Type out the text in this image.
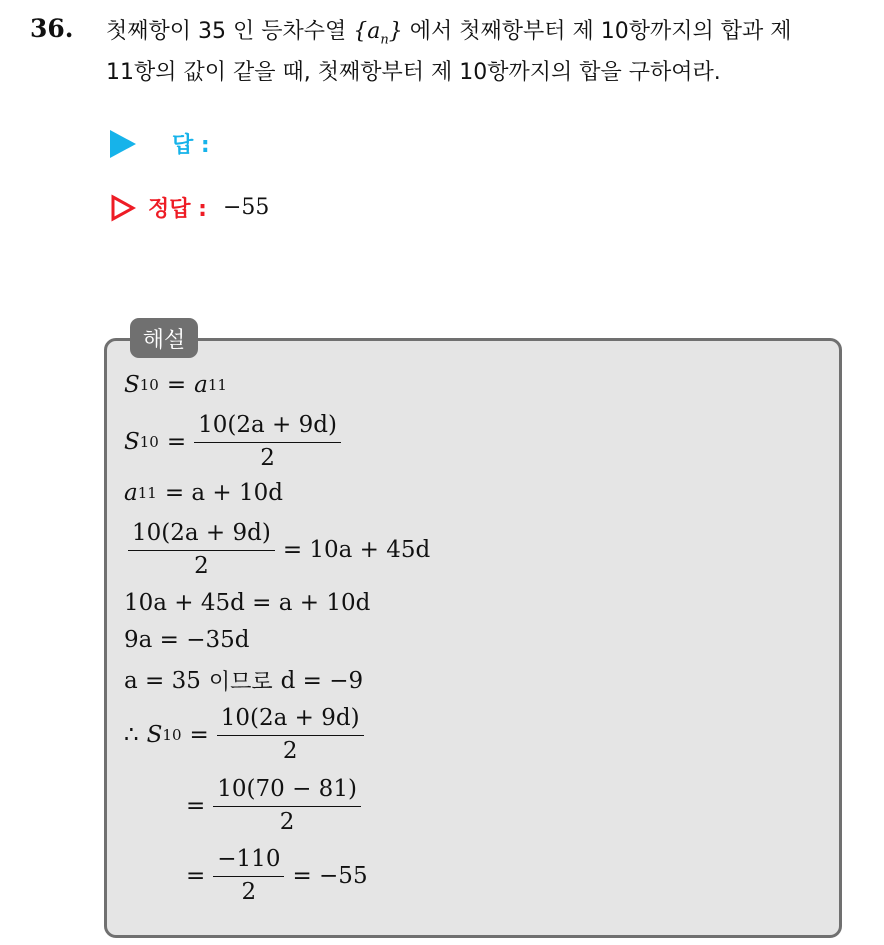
36. 첫째항이 35 인 등차수열 $\{a_n\}$ 에서 첫째항부터 제 10항까지의 합과 제
11항의 값이 같을 때, 첫째항부터 제 10항까지의 합을 구하여라.
답 :
정답 : −55
해설
S 10 = a 11
S $10 = \frac{10(2a + 9d)}{2}$
a 11 = a + 10d
$\frac{10(2a + 9d)}{2} = 10a + 45d$
10a + 45d = a + 10d
9a = −35d
a = 35 이므로 d = −9
∴ S $10 = \frac{10(2a + 9d)}{2}$
= $\frac{10(70 - 81)}{2}$
= $\frac{-110}{2} = -55$
